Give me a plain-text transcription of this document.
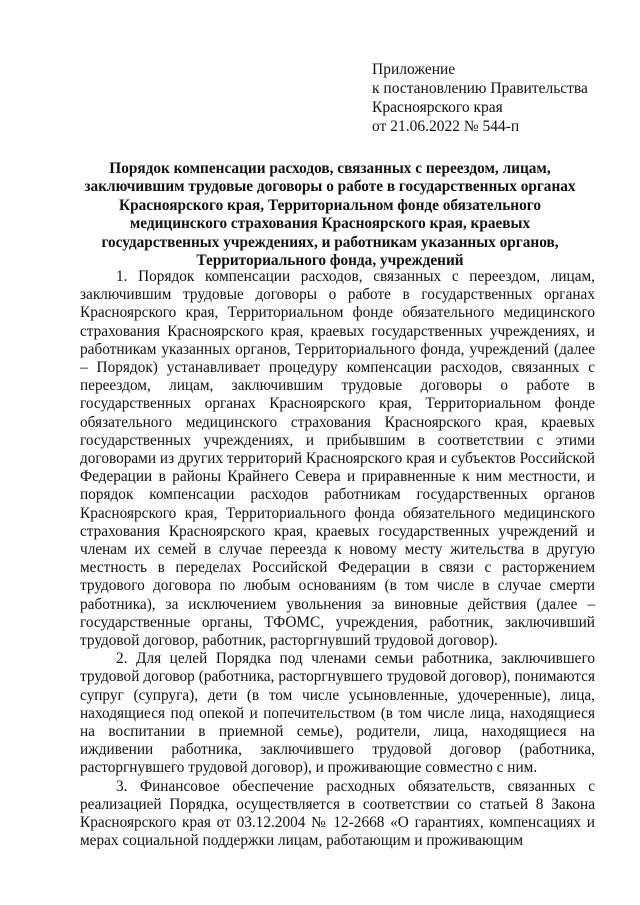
Приложение
к постановлению Правительства
Красноярского края
от 21.06.2022 № 544-п
Порядок компенсации расходов, связанных с переездом, лицам,
заключившим трудовые договоры о работе в государственных органах
Красноярского края, Территориальном фонде обязательного
медицинского страхования Красноярского края, краевых
государственных учреждениях, и работникам указанных органов,
Территориального фонда, учреждений

1. Порядок компенсации расходов, связанных с переездом, лицам, заключившим трудовые договоры о работе в государственных органах Красноярского края, Территориальном фонде обязательного медицинского страхования Красноярского края, краевых государственных учреждениях, и работникам указанных органов, Территориального фонда, учреждений (далее – Порядок) устанавливает процедуру компенсации расходов, связанных с переездом, лицам, заключившим трудовые договоры о работе в государственных органах Красноярского края, Территориальном фонде обязательного медицинского страхования Красноярского края, краевых государственных учреждениях, и прибывшим в соответствии с этими договорами из других территорий Красноярского края и субъектов Российской Федерации в районы Крайнего Севера и приравненные к ним местности, и порядок компенсации расходов работникам государственных органов Красноярского края, Территориального фонда обязательного медицинского страхования Красноярского края, краевых государственных учреждений и членам их семей в случае переезда к новому месту жительства в другую местность в переделах Российской Федерации в связи с расторжением трудового договора по любым основаниям (в том числе в случае смерти работника), за исключением увольнения за виновные действия (далее – государственные органы, ТФОМС, учреждения, работник, заключивший трудовой договор, работник, расторгнувший трудовой договор).

2. Для целей Порядка под членами семьи работника, заключившего трудовой договор (работника, расторгнувшего трудовой договор), понимаются супруг (супруга), дети (в том числе усыновленные, удочеренные), лица, находящиеся под опекой и попечительством (в том числе лица, находящиеся на воспитании в приемной семье), родители, лица, находящиеся на иждивении работника, заключившего трудовой договор (работника, расторгнувшего трудовой договор), и проживающие совместно с ним.

3. Финансовое обеспечение расходных обязательств, связанных с реализацией Порядка, осуществляется в соответствии со статьей 8 Закона Красноярского края от 03.12.2004 № 12-2668 «О гарантиях, компенсациях и мерах социальной поддержки лицам, работающим и проживающим
